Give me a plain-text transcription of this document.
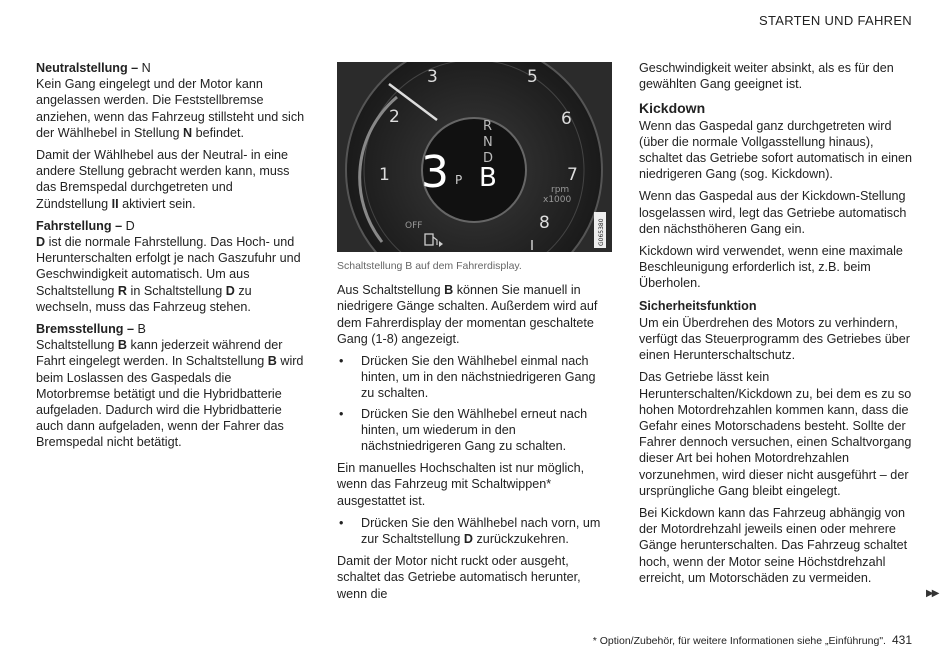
STARTEN UND FAHREN
Neutralstellung – N

Kein Gang eingelegt und der Motor kann angelassen werden. Die Feststellbremse anziehen, wenn das Fahrzeug stillsteht und sich der Wählhebel in Stellung N befindet.

Damit der Wählhebel aus der Neutral- in eine andere Stellung gebracht werden kann, muss das Bremspedal durchgetreten und Zündstellung II aktiviert sein.

Fahrstellung – D

D ist die normale Fahrstellung. Das Hoch- und Herunterschalten erfolgt je nach Gaszufuhr und Geschwindigkeit automatisch. Um aus Schaltstellung R in Schaltstellung D zu wechseln, muss das Fahrzeug stehen.

Bremsstellung – B

Schaltstellung B kann jederzeit während der Fahrt eingelegt werden. In Schaltstellung B wird beim Loslassen des Gaspedals die Motorbremse betätigt und die Hybridbatterie aufgeladen. Dadurch wird die Hybridbatterie auch dann aufgeladen, wenn der Fahrer das Bremspedal nicht betätigt.

3	5
2	6
1	7
8
3 P
R
N
D
B	rpm
x1000
OFF	G065380
Schaltstellung B auf dem Fahrerdisplay.

Aus Schaltstellung B können Sie manuell in niedrigere Gänge schalten. Außerdem wird auf dem Fahrerdisplay der momentan geschaltete Gang (1-8) angezeigt.

• Drücken Sie den Wählhebel einmal nach hinten, um in den nächstniedrigeren Gang zu schalten.
• Drücken Sie den Wählhebel erneut nach hinten, um wiederum in den nächstniedrigeren Gang zu schalten.

Ein manuelles Hochschalten ist nur möglich, wenn das Fahrzeug mit Schaltwippen* ausgestattet ist.

• Drücken Sie den Wählhebel nach vorn, um zur Schaltstellung D zurückzukehren.

Damit der Motor nicht ruckt oder ausgeht, schaltet das Getriebe automatisch herunter, wenn die

Geschwindigkeit weiter absinkt, als es für den gewählten Gang geeignet ist.

Kickdown

Wenn das Gaspedal ganz durchgetreten wird (über die normale Vollgasstellung hinaus), schaltet das Getriebe sofort automatisch in einen niedrigeren Gang (sog. Kickdown).

Wenn das Gaspedal aus der Kickdown-Stellung losgelassen wird, legt das Getriebe automatisch den nächsthöheren Gang ein.

Kickdown wird verwendet, wenn eine maximale Beschleunigung erforderlich ist, z.B. beim Überholen.

Sicherheitsfunktion

Um ein Überdrehen des Motors zu verhindern, verfügt das Steuerprogramm des Getriebes über einen Herunterschaltschutz.

Das Getriebe lässt kein Herunterschalten/Kickdown zu, bei dem es zu so hohen Motordrehzahlen kommen kann, dass die Gefahr eines Motorschadens besteht. Sollte der Fahrer dennoch versuchen, einen Schaltvorgang dieser Art bei hohen Motordrehzahlen vorzunehmen, wird dieser nicht ausgeführt – der ursprüngliche Gang bleibt eingelegt.

Bei Kickdown kann das Fahrzeug abhängig von der Motordrehzahl jeweils einen oder mehrere Gänge herunterschalten. Das Fahrzeug schaltet hoch, wenn der Motor seine Höchstdrehzahl erreicht, um Motorschäden zu vermeiden.

▶▶
* Option/Zubehör, für weitere Informationen siehe „Einführung". 431
